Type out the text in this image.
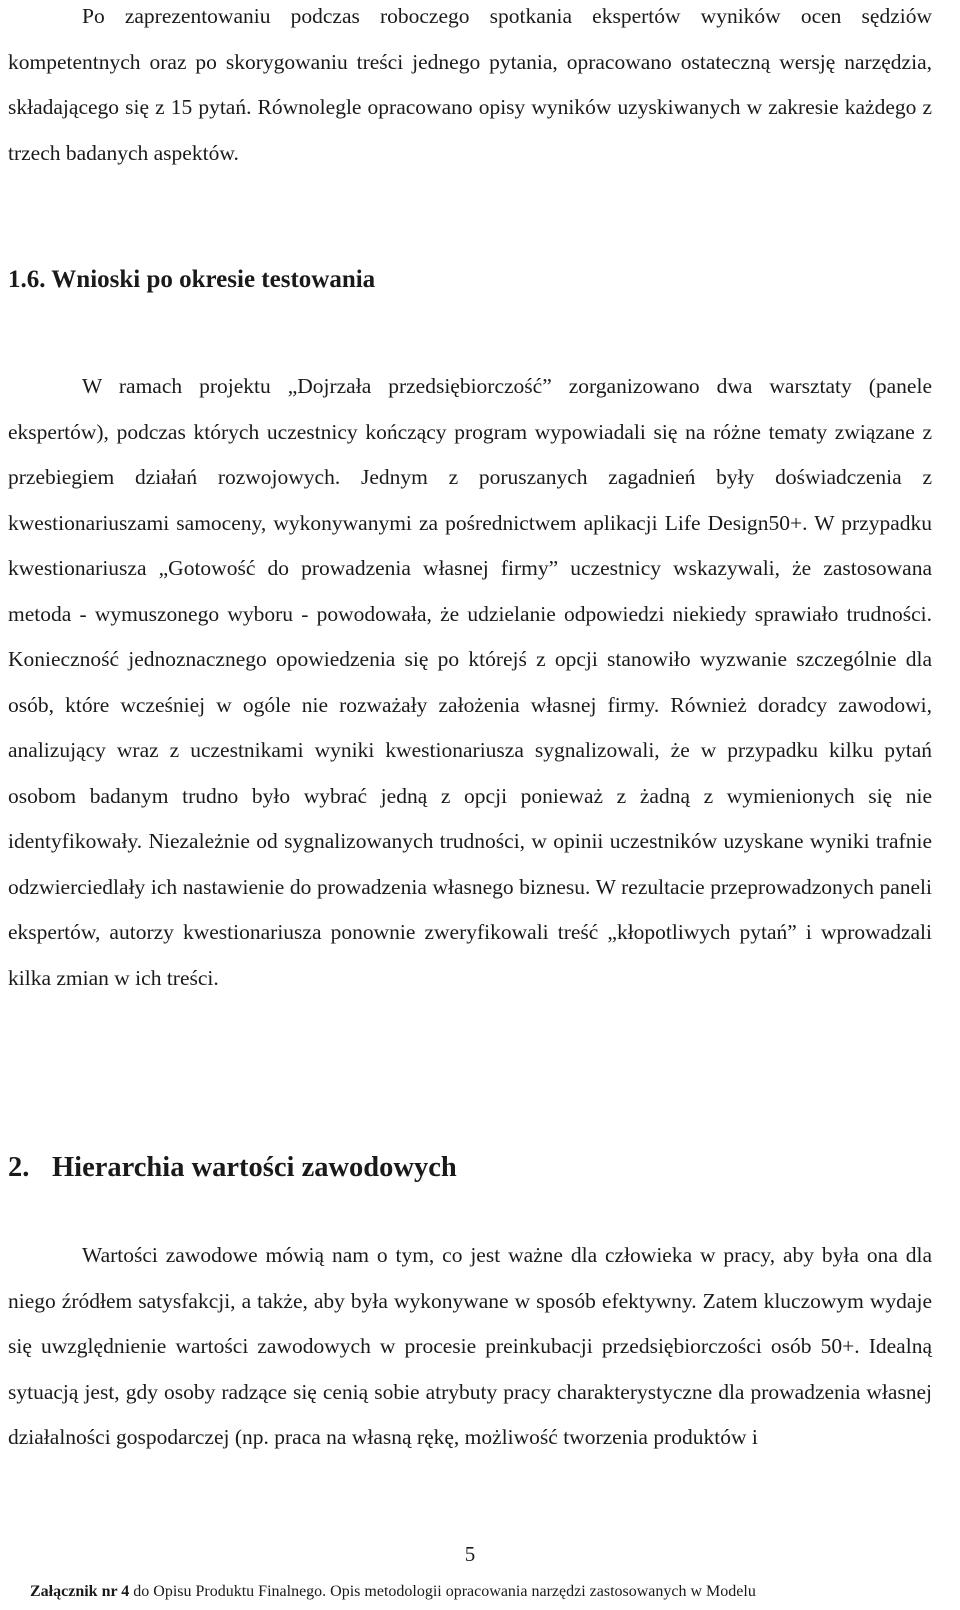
Po zaprezentowaniu podczas roboczego spotkania ekspertów wyników ocen sędziów kompetentnych oraz po skorygowaniu treści jednego pytania, opracowano ostateczną wersję narzędzia, składającego się z 15 pytań. Równolegle opracowano opisy wyników uzyskiwanych w zakresie każdego z trzech badanych aspektów.

1.6. Wnioski po okresie testowania

W ramach projektu „Dojrzała przedsiębiorczość” zorganizowano dwa warsztaty (panele ekspertów), podczas których uczestnicy kończący program wypowiadali się na różne tematy związane z przebiegiem działań rozwojowych. Jednym z poruszanych zagadnień były doświadczenia z kwestionariuszami samoceny, wykonywanymi za pośrednictwem aplikacji Life Design50+. W przypadku kwestionariusza „Gotowość do prowadzenia własnej firmy” uczestnicy wskazywali, że zastosowana metoda - wymuszonego wyboru - powodowała, że udzielanie odpowiedzi niekiedy sprawiało trudności. Konieczność jednoznacznego opowiedzenia się po którejś z opcji stanowiło wyzwanie szczególnie dla osób, które wcześniej w ogóle nie rozważały założenia własnej firmy. Również doradcy zawodowi, analizujący wraz z uczestnikami wyniki kwestionariusza sygnalizowali, że w przypadku kilku pytań osobom badanym trudno było wybrać jedną z opcji ponieważ z żadną z wymienionych się nie identyfikowały. Niezależnie od sygnalizowanych trudności, w opinii uczestników uzyskane wyniki trafnie odzwierciedlały ich nastawienie do prowadzenia własnego biznesu. W rezultacie przeprowadzonych paneli ekspertów, autorzy kwestionariusza ponownie zweryfikowali treść „kłopotliwych pytań” i wprowadzali kilka zmian w ich treści.

2. Hierarchia wartości zawodowych

Wartości zawodowe mówią nam o tym, co jest ważne dla człowieka w pracy, aby była ona dla niego źródłem satysfakcji, a także, aby była wykonywane w sposób efektywny. Zatem kluczowym wydaje się uwzględnienie wartości zawodowych w procesie preinkubacji przedsiębiorczości osób 50+. Idealną sytuacją jest, gdy osoby radzące się cenią sobie atrybuty pracy charakterystyczne dla prowadzenia własnej działalności gospodarczej (np. praca na własną rękę, możliwość tworzenia produktów i

5

Załącznik nr 4 do Opisu Produktu Finalnego. Opis metodologii opracowania narzędzi zastosowanych w Modelu
